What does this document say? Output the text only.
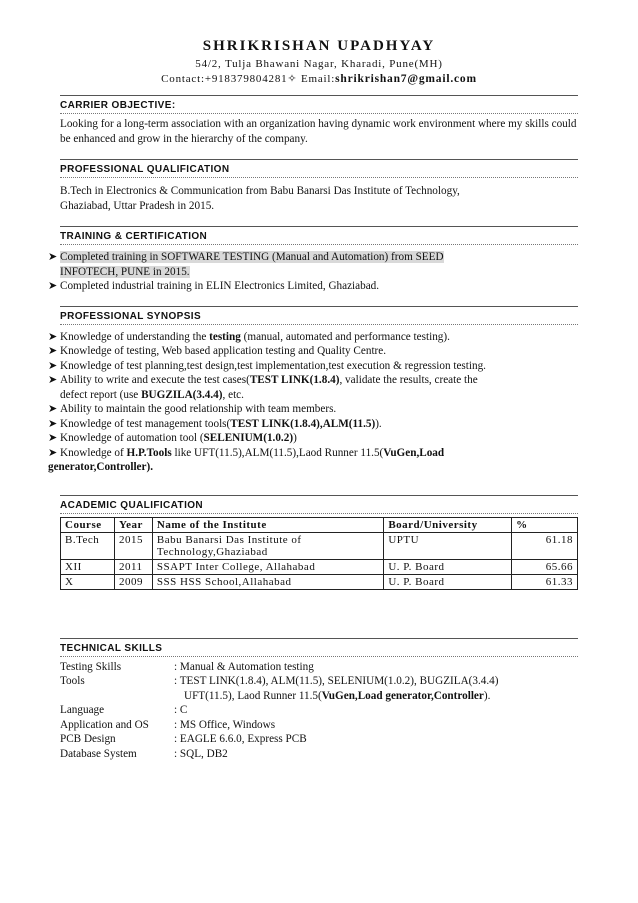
SHRIKRISHAN UPADHYAY
54/2, Tulja Bhawani Nagar, Kharadi, Pune(MH)
Contact:+918379804281✧ Email:shrikrishan7@gmail.com
CARRIER OBJECTIVE:
Looking for a long-term association with an organization having dynamic work environment where my skills could be enhanced and grow in the hierarchy of the company.
PROFESSIONAL QUALIFICATION
B.Tech in Electronics & Communication from Babu Banarsi Das Institute of Technology,
Ghaziabad, Uttar Pradesh in 2015.
TRAINING & CERTIFICATION
➤ Completed training in SOFTWARE TESTING (Manual and Automation) from SEED
INFOTECH, PUNE in 2015.
➤ Completed industrial training in ELIN Electronics Limited, Ghaziabad.
PROFESSIONAL SYNOPSIS
➤ Knowledge of understanding the testing (manual, automated and performance testing).
➤ Knowledge of testing, Web based application testing and Quality Centre.
➤ Knowledge of test planning,test design,test implementation,test execution & regression testing.
➤ Ability to write and execute the test cases(TEST LINK(1.8.4), validate the results, create the
defect report (use BUGZILA(3.4.4), etc.
➤ Ability to maintain the good relationship with team members.
➤ Knowledge of test management tools(TEST LINK(1.8.4),ALM(11.5)).
➤ Knowledge of automation tool (SELENIUM(1.0.2))
➤ Knowledge of H.P.Tools like UFT(11.5),ALM(11.5),Laod Runner 11.5(VuGen,Load
generator,Controller).
ACADEMIC QUALIFICATION
Course	Year	Name of the Institute	Board/University	%
B.Tech	2015	Babu Banarsi Das Institute of Technology,Ghaziabad	UPTU	61.18
XII	2011	SSAPT Inter College, Allahabad	U. P. Board	65.66
X	2009	SSS HSS School,Allahabad	U. P. Board	61.33
TECHNICAL SKILLS
Testing Skills	: Manual & Automation testing
Tools	: TEST LINK(1.8.4), ALM(11.5), SELENIUM(1.0.2), BUGZILA(3.4.4)
UFT(11.5), Laod Runner 11.5(VuGen,Load generator,Controller).
Language	: C
Application and OS	: MS Office, Windows
PCB Design	: EAGLE 6.6.0, Express PCB
Database System	: SQL, DB2
